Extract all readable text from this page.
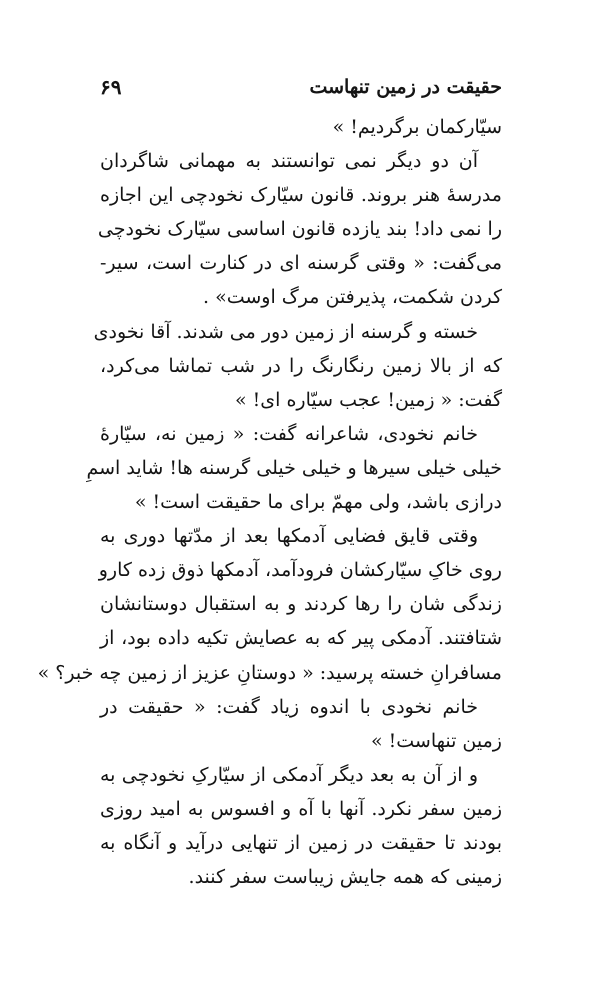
حقیقت در زمین تنهاست
۶۹
سیّارکمان برگردیم! »
آن دو دیگر نمی توانستند به مهمانی شاگردان
مدرسهٔ هنر بروند. قانون سیّارک نخودچی این اجازه
را نمی داد! بند یازده قانون اساسی سیّارک نخودچی
می‌گفت: « وقتی گرسنه ای در کنارت است، سیر-
کردن شکمت، پذیرفتن مرگ اوست» .
خسته و گرسنه از زمین دور می شدند. آقا نخودی
که از بالا زمین رنگارنگ را در شب تماشا می‌کرد،
گفت: « زمین! عجب سیّاره ای! »
خانم نخودی، شاعرانه گفت: « زمین نه، سیّارهٔ
خیلی خیلی سیرها و خیلی خیلی گرسنه ها! شاید اسمِ
درازی باشد، ولی مهمّ برای ما حقیقت است! »
وقتی قایق فضایی آدمکها بعد از مدّتها دوری به
روی خاکِ سیّارکشان فرودآمد، آدمکها ذوق زده کارو
زندگی شان را رها کردند و به استقبال دوستانشان
شتافتند. آدمکی پیر که به عصایش تکیه داده بود، از
مسافرانِ خسته پرسید: « دوستانِ عزیز از زمین چه خبر؟ »
خانم نخودی با اندوه زیاد گفت: « حقیقت در
زمین تنهاست! »
و از آن به بعد دیگر آدمکی از سیّارکِ نخودچی به
زمین سفر نکرد. آنها با آه و افسوس به امید روزی
بودند تا حقیقت در زمین از تنهایی درآید و آنگاه به
زمینی که همه جایش زیباست سفر کنند.
